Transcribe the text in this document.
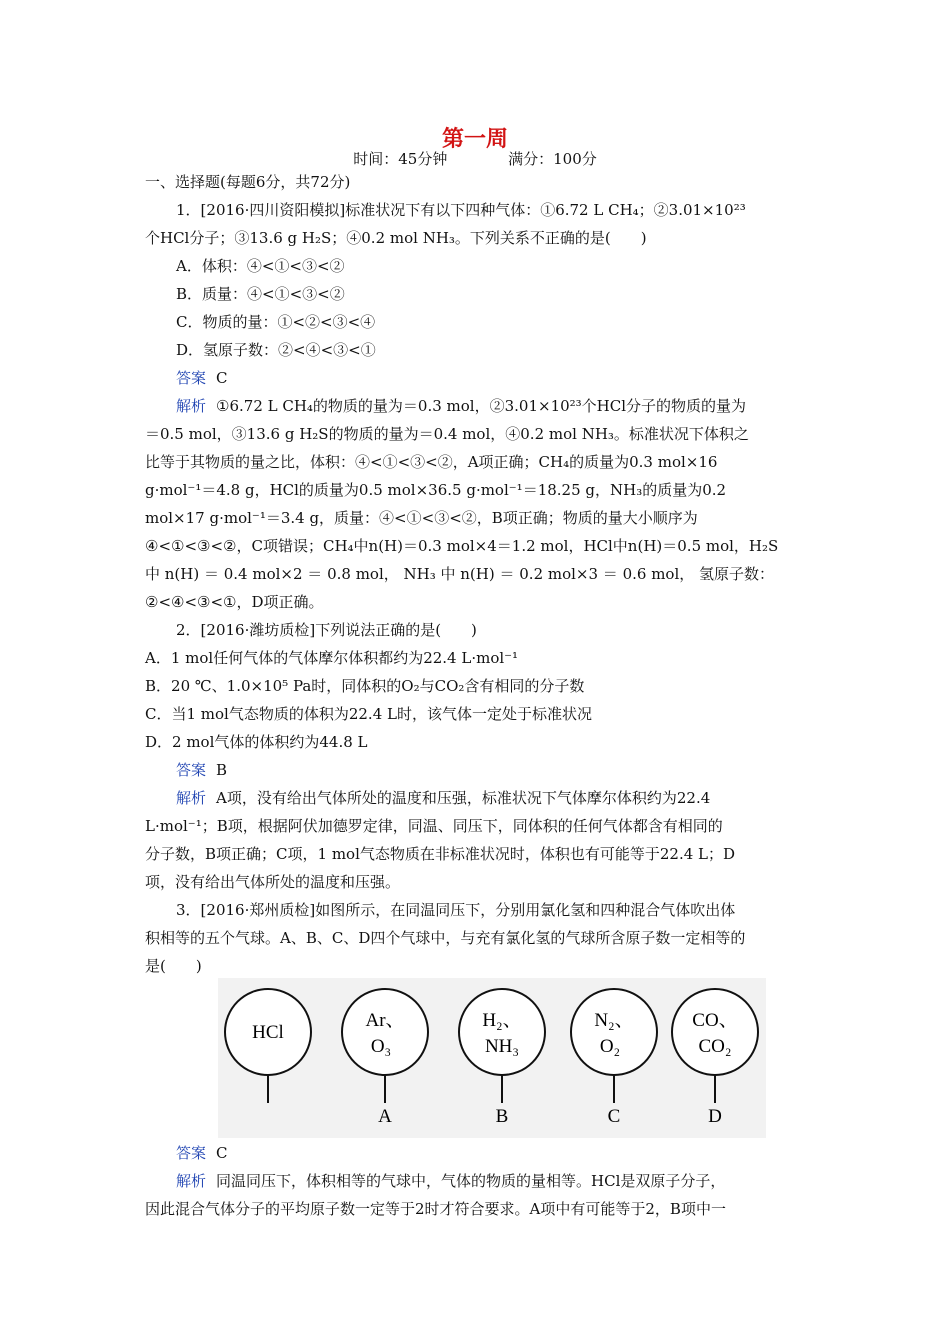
第一周
时间：45分钟	满分：100分
一、选择题(每题6分，共72分)
1．[2016·四川资阳模拟]标准状况下有以下四种气体：①6.72 L CH₄；②3.01×10²³
个HCl分子；③13.6 g H₂S；④0.2 mol NH₃。下列关系不正确的是(　　)
A．体积：④<①<③<②
B．质量：④<①<③<②
C．物质的量：①<②<③<④
D．氢原子数：②<④<③<①
答案 C
解析 ①6.72 L CH₄的物质的量为＝0.3 mol，②3.01×10²³个HCl分子的物质的量为
＝0.5 mol，③13.6 g H₂S的物质的量为＝0.4 mol，④0.2 mol NH₃。标准状况下体积之
比等于其物质的量之比，体积：④<①<③<②，A项正确；CH₄的质量为0.3 mol×16
g·mol⁻¹＝4.8 g，HCl的质量为0.5 mol×36.5 g·mol⁻¹＝18.25 g，NH₃的质量为0.2
mol×17 g·mol⁻¹＝3.4 g，质量：④<①<③<②，B项正确；物质的量大小顺序为
④<①<③<②，C项错误；CH₄中n(H)＝0.3 mol×4＝1.2 mol，HCl中n(H)＝0.5 mol，H₂S
中 n(H) ＝ 0.4 mol×2 ＝ 0.8 mol， NH₃ 中 n(H) ＝ 0.2 mol×3 ＝ 0.6 mol， 氢原子数：
②<④<③<①，D项正确。
2．[2016·潍坊质检]下列说法正确的是(　　)
A．1 mol任何气体的气体摩尔体积都约为22.4 L·mol⁻¹
B．20 ℃、1.0×10⁵ Pa时，同体积的O₂与CO₂含有相同的分子数
C．当1 mol气态物质的体积为22.4 L时，该气体一定处于标准状况
D．2 mol气体的体积约为44.8 L
答案 B
解析 A项，没有给出气体所处的温度和压强，标准状况下气体摩尔体积约为22.4
L·mol⁻¹；B项，根据阿伏加德罗定律，同温、同压下，同体积的任何气体都含有相同的
分子数，B项正确；C项，1 mol气态物质在非标准状况时，体积也有可能等于22.4 L；D
项，没有给出气体所处的温度和压强。
3．[2016·郑州质检]如图所示，在同温同压下，分别用氯化氢和四种混合气体吹出体
积相等的五个气球。A、B、C、D四个气球中，与充有氯化氢的气球所含原子数一定相等的
是(　　)
HCl
Ar、
O₃
A
H₂、
NH₃
B
N₂、
O₂
C
CO、
CO₂
D
答案 C
解析 同温同压下，体积相等的气球中，气体的物质的量相等。HCl是双原子分子，
因此混合气体分子的平均原子数一定等于2时才符合要求。A项中有可能等于2，B项中一
